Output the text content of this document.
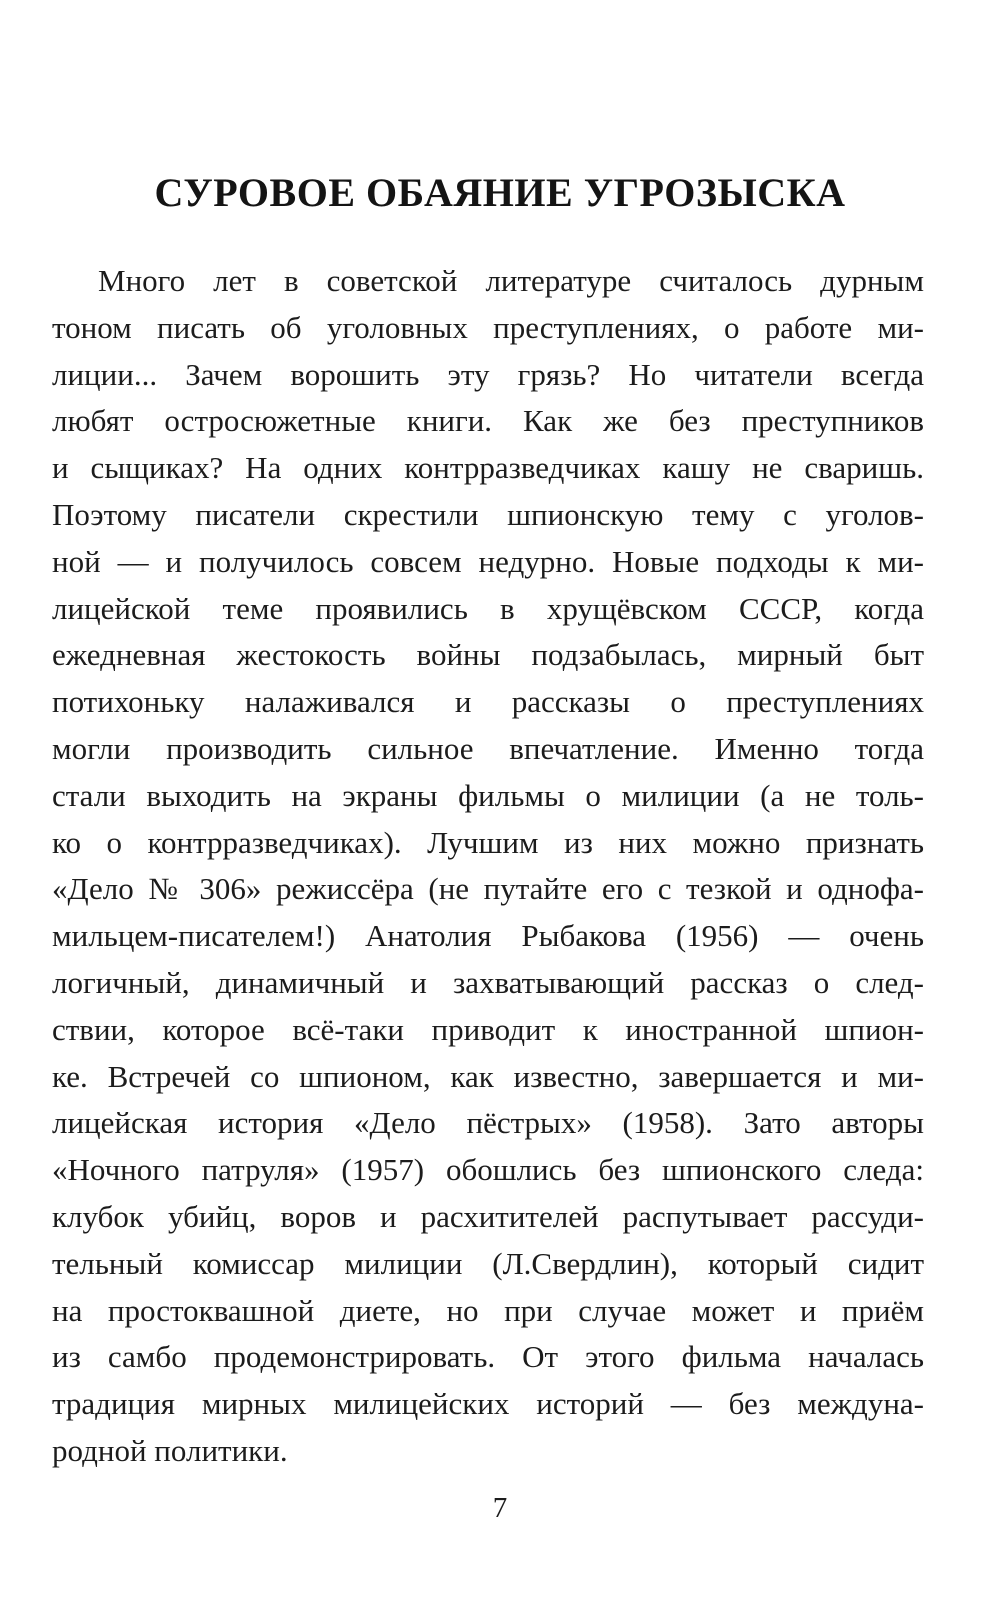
СУРОВОЕ ОБАЯНИЕ УГРОЗЫСКА
Много лет в советской литературе считалось дурным
тоном писать об уголовных преступлениях, о работе ми-
лиции... Зачем ворошить эту грязь? Но читатели всегда
любят остросюжетные книги. Как же без преступников
и сыщиках? На одних контрразведчиках кашу не сваришь.
Поэтому писатели скрестили шпионскую тему с уголов-
ной — и получилось совсем недурно. Новые подходы к ми-
лицейской теме проявились в хрущёвском СССР, когда
ежедневная жестокость войны подзабылась, мирный быт
потихоньку налаживался и рассказы о преступлениях
могли производить сильное впечатление. Именно тогда
стали выходить на экраны фильмы о милиции (а не толь-
ко о контрразведчиках). Лучшим из них можно признать
«Дело № 306» режиссёра (не путайте его с тезкой и однофа-
мильцем-писателем!) Анатолия Рыбакова (1956) — очень
логичный, динамичный и захватывающий рассказ о след-
ствии, которое всё-таки приводит к иностранной шпион-
ке. Встречей со шпионом, как известно, завершается и ми-
лицейская история «Дело пёстрых» (1958). Зато авторы
«Ночного патруля» (1957) обошлись без шпионского следа:
клубок убийц, воров и расхитителей распутывает рассуди-
тельный комиссар милиции (Л.Свердлин), который сидит
на простоквашной диете, но при случае может и приём
из самбо продемонстрировать. От этого фильма началась
традиция мирных милицейских историй — без междуна-
родной политики.
7
